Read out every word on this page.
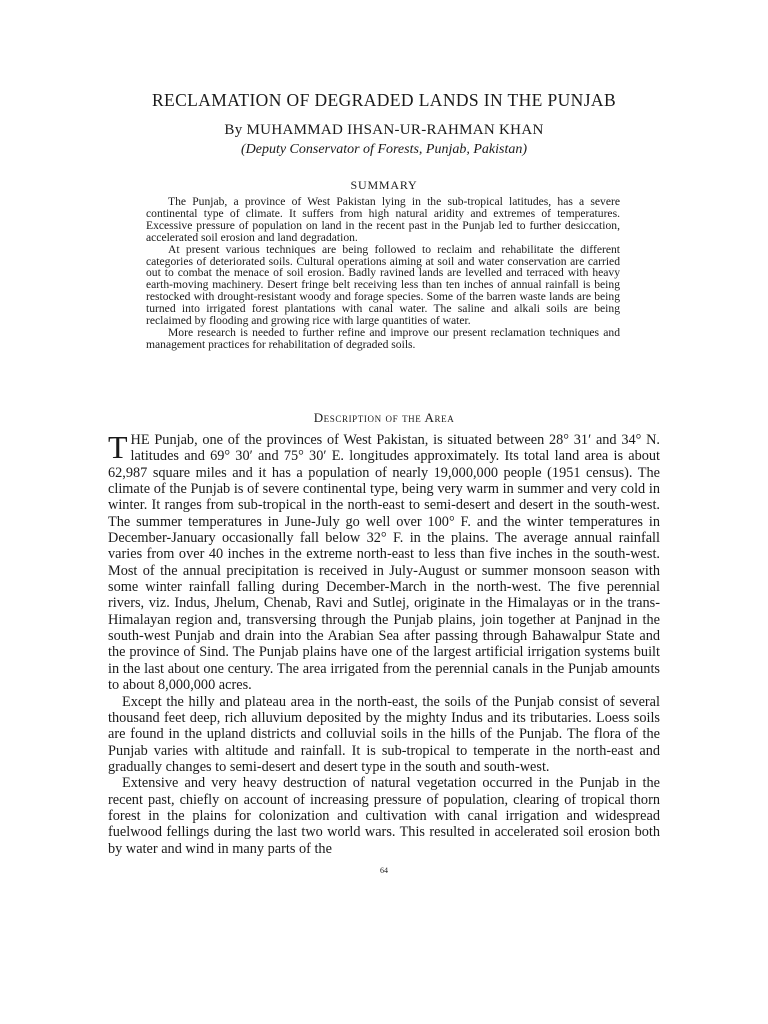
RECLAMATION OF DEGRADED LANDS IN THE PUNJAB
By MUHAMMAD IHSAN-UR-RAHMAN KHAN
(Deputy Conservator of Forests, Punjab, Pakistan)
SUMMARY

The Punjab, a province of West Pakistan lying in the sub-tropical latitudes, has a severe continental type of climate. It suffers from high natural aridity and extremes of temperatures. Excessive pressure of population on land in the recent past in the Punjab led to further desiccation, accelerated soil erosion and land degradation.

At present various techniques are being followed to reclaim and rehabilitate the different categories of deteriorated soils. Cultural operations aiming at soil and water conservation are carried out to combat the menace of soil erosion. Badly ravined lands are levelled and terraced with heavy earth-moving machinery. Desert fringe belt receiving less than ten inches of annual rainfall is being restocked with drought-resistant woody and forage species. Some of the barren waste lands are being turned into irrigated forest plantations with canal water. The saline and alkali soils are being reclaimed by flooding and growing rice with large quantities of water.

More research is needed to further refine and improve our present reclamation techniques and management practices for rehabilitation of degraded soils.

Description of the Area

THE Punjab, one of the provinces of West Pakistan, is situated between 28° 31′ and 34° N. latitudes and 69° 30′ and 75° 30′ E. longitudes approximately. Its total land area is about 62,987 square miles and it has a population of nearly 19,000,000 people (1951 census). The climate of the Punjab is of severe continental type, being very warm in summer and very cold in winter. It ranges from sub-tropical in the north-east to semi-desert and desert in the south-west. The summer temperatures in June-July go well over 100° F. and the winter temperatures in December-January occasionally fall below 32° F. in the plains. The average annual rainfall varies from over 40 inches in the extreme north-east to less than five inches in the south-west. Most of the annual precipitation is received in July-August or summer monsoon season with some winter rainfall falling during December-March in the north-west. The five perennial rivers, viz. Indus, Jhelum, Chenab, Ravi and Sutlej, originate in the Himalayas or in the trans-Himalayan region and, transversing through the Punjab plains, join together at Panjnad in the south-west Punjab and drain into the Arabian Sea after passing through Bahawalpur State and the province of Sind. The Punjab plains have one of the largest artificial irrigation systems built in the last about one century. The area irrigated from the perennial canals in the Punjab amounts to about 8,000,000 acres.

Except the hilly and plateau area in the north-east, the soils of the Punjab consist of several thousand feet deep, rich alluvium deposited by the mighty Indus and its tributaries. Loess soils are found in the upland districts and colluvial soils in the hills of the Punjab. The flora of the Punjab varies with altitude and rainfall. It is sub-tropical to temperate in the north-east and gradually changes to semi-desert and desert type in the south and south-west.

Extensive and very heavy destruction of natural vegetation occurred in the Punjab in the recent past, chiefly on account of increasing pressure of population, clearing of tropical thorn forest in the plains for colonization and cultivation with canal irrigation and widespread fuelwood fellings during the last two world wars. This resulted in accelerated soil erosion both by water and wind in many parts of the

64
